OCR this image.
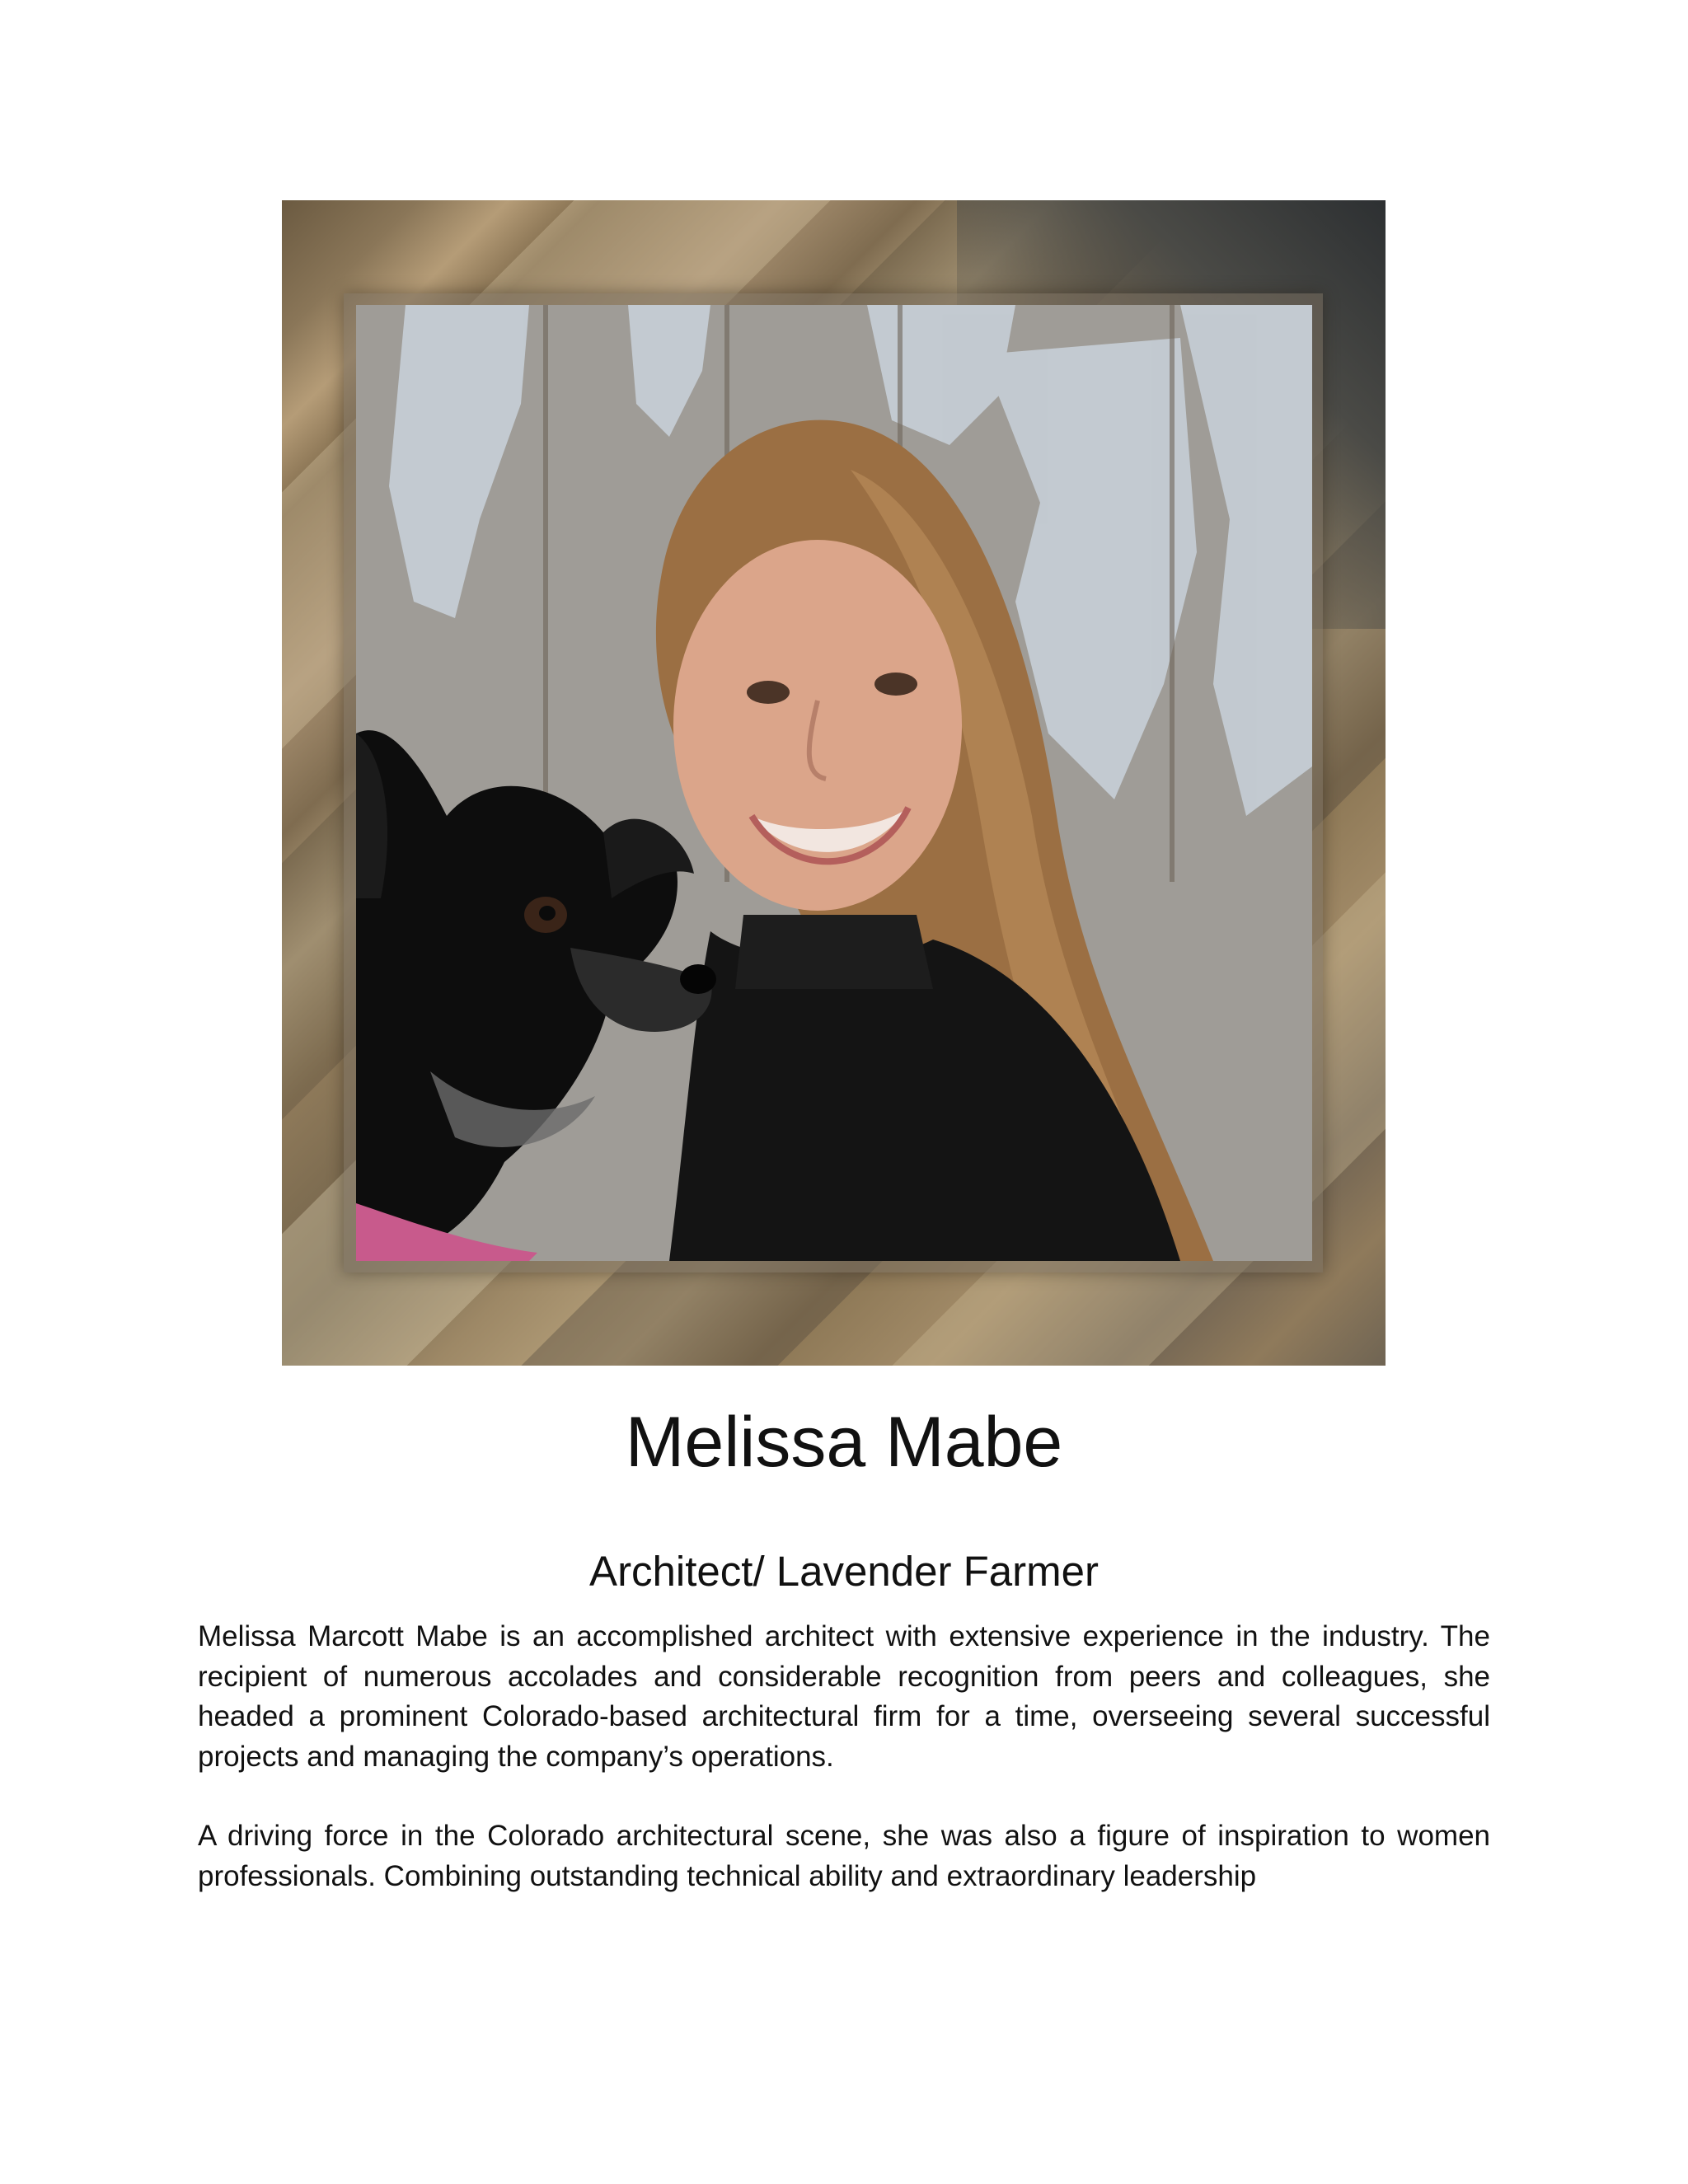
Melissa Mabe
Architect/ Lavender Farmer

Melissa Marcott Mabe is an accomplished architect with extensive experience in the industry. The recipient of numerous accolades and considerable recognition from peers and colleagues, she headed a prominent Colorado-based architectural firm for a time, overseeing several successful projects and managing the company’s operations.

A driving force in the Colorado architectural scene, she was also a figure of inspiration to women professionals. Combining outstanding technical ability and extraordinary leadership
